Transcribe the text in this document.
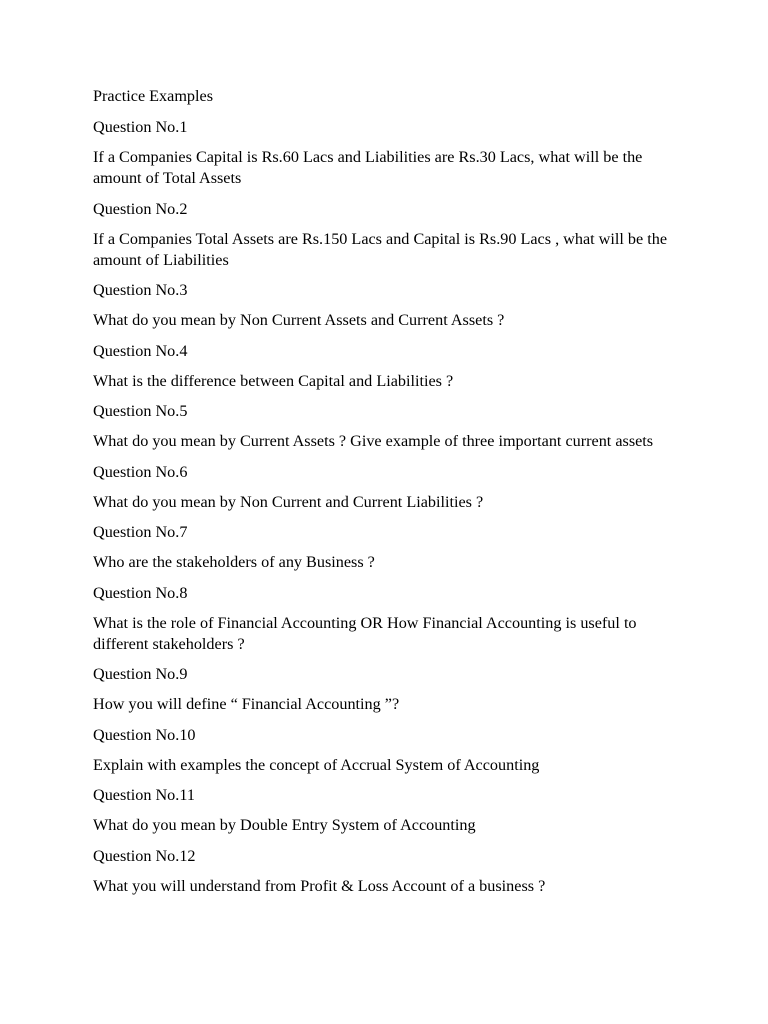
Practice Examples

Question No.1

If a Companies Capital is Rs.60 Lacs and Liabilities are Rs.30 Lacs, what will be the amount of Total Assets

Question No.2

If a Companies Total Assets are Rs.150 Lacs and Capital is Rs.90 Lacs , what will be the amount of Liabilities

Question No.3

What do you mean by Non Current Assets and Current Assets ?

Question No.4

What is the difference between Capital and Liabilities ?

Question No.5

What do you mean by Current Assets ? Give example of three important current assets

Question No.6

What do you mean by Non Current and Current Liabilities ?

Question No.7

Who are the stakeholders of any Business ?

Question No.8

What is the role of Financial Accounting OR How Financial Accounting is useful to different stakeholders ?

Question No.9

How you will define “ Financial Accounting ”?

Question No.10

Explain with examples the concept of Accrual System of Accounting

Question No.11

What do you mean by Double Entry System of Accounting

Question No.12

What you will understand from Profit & Loss Account of a business ?
